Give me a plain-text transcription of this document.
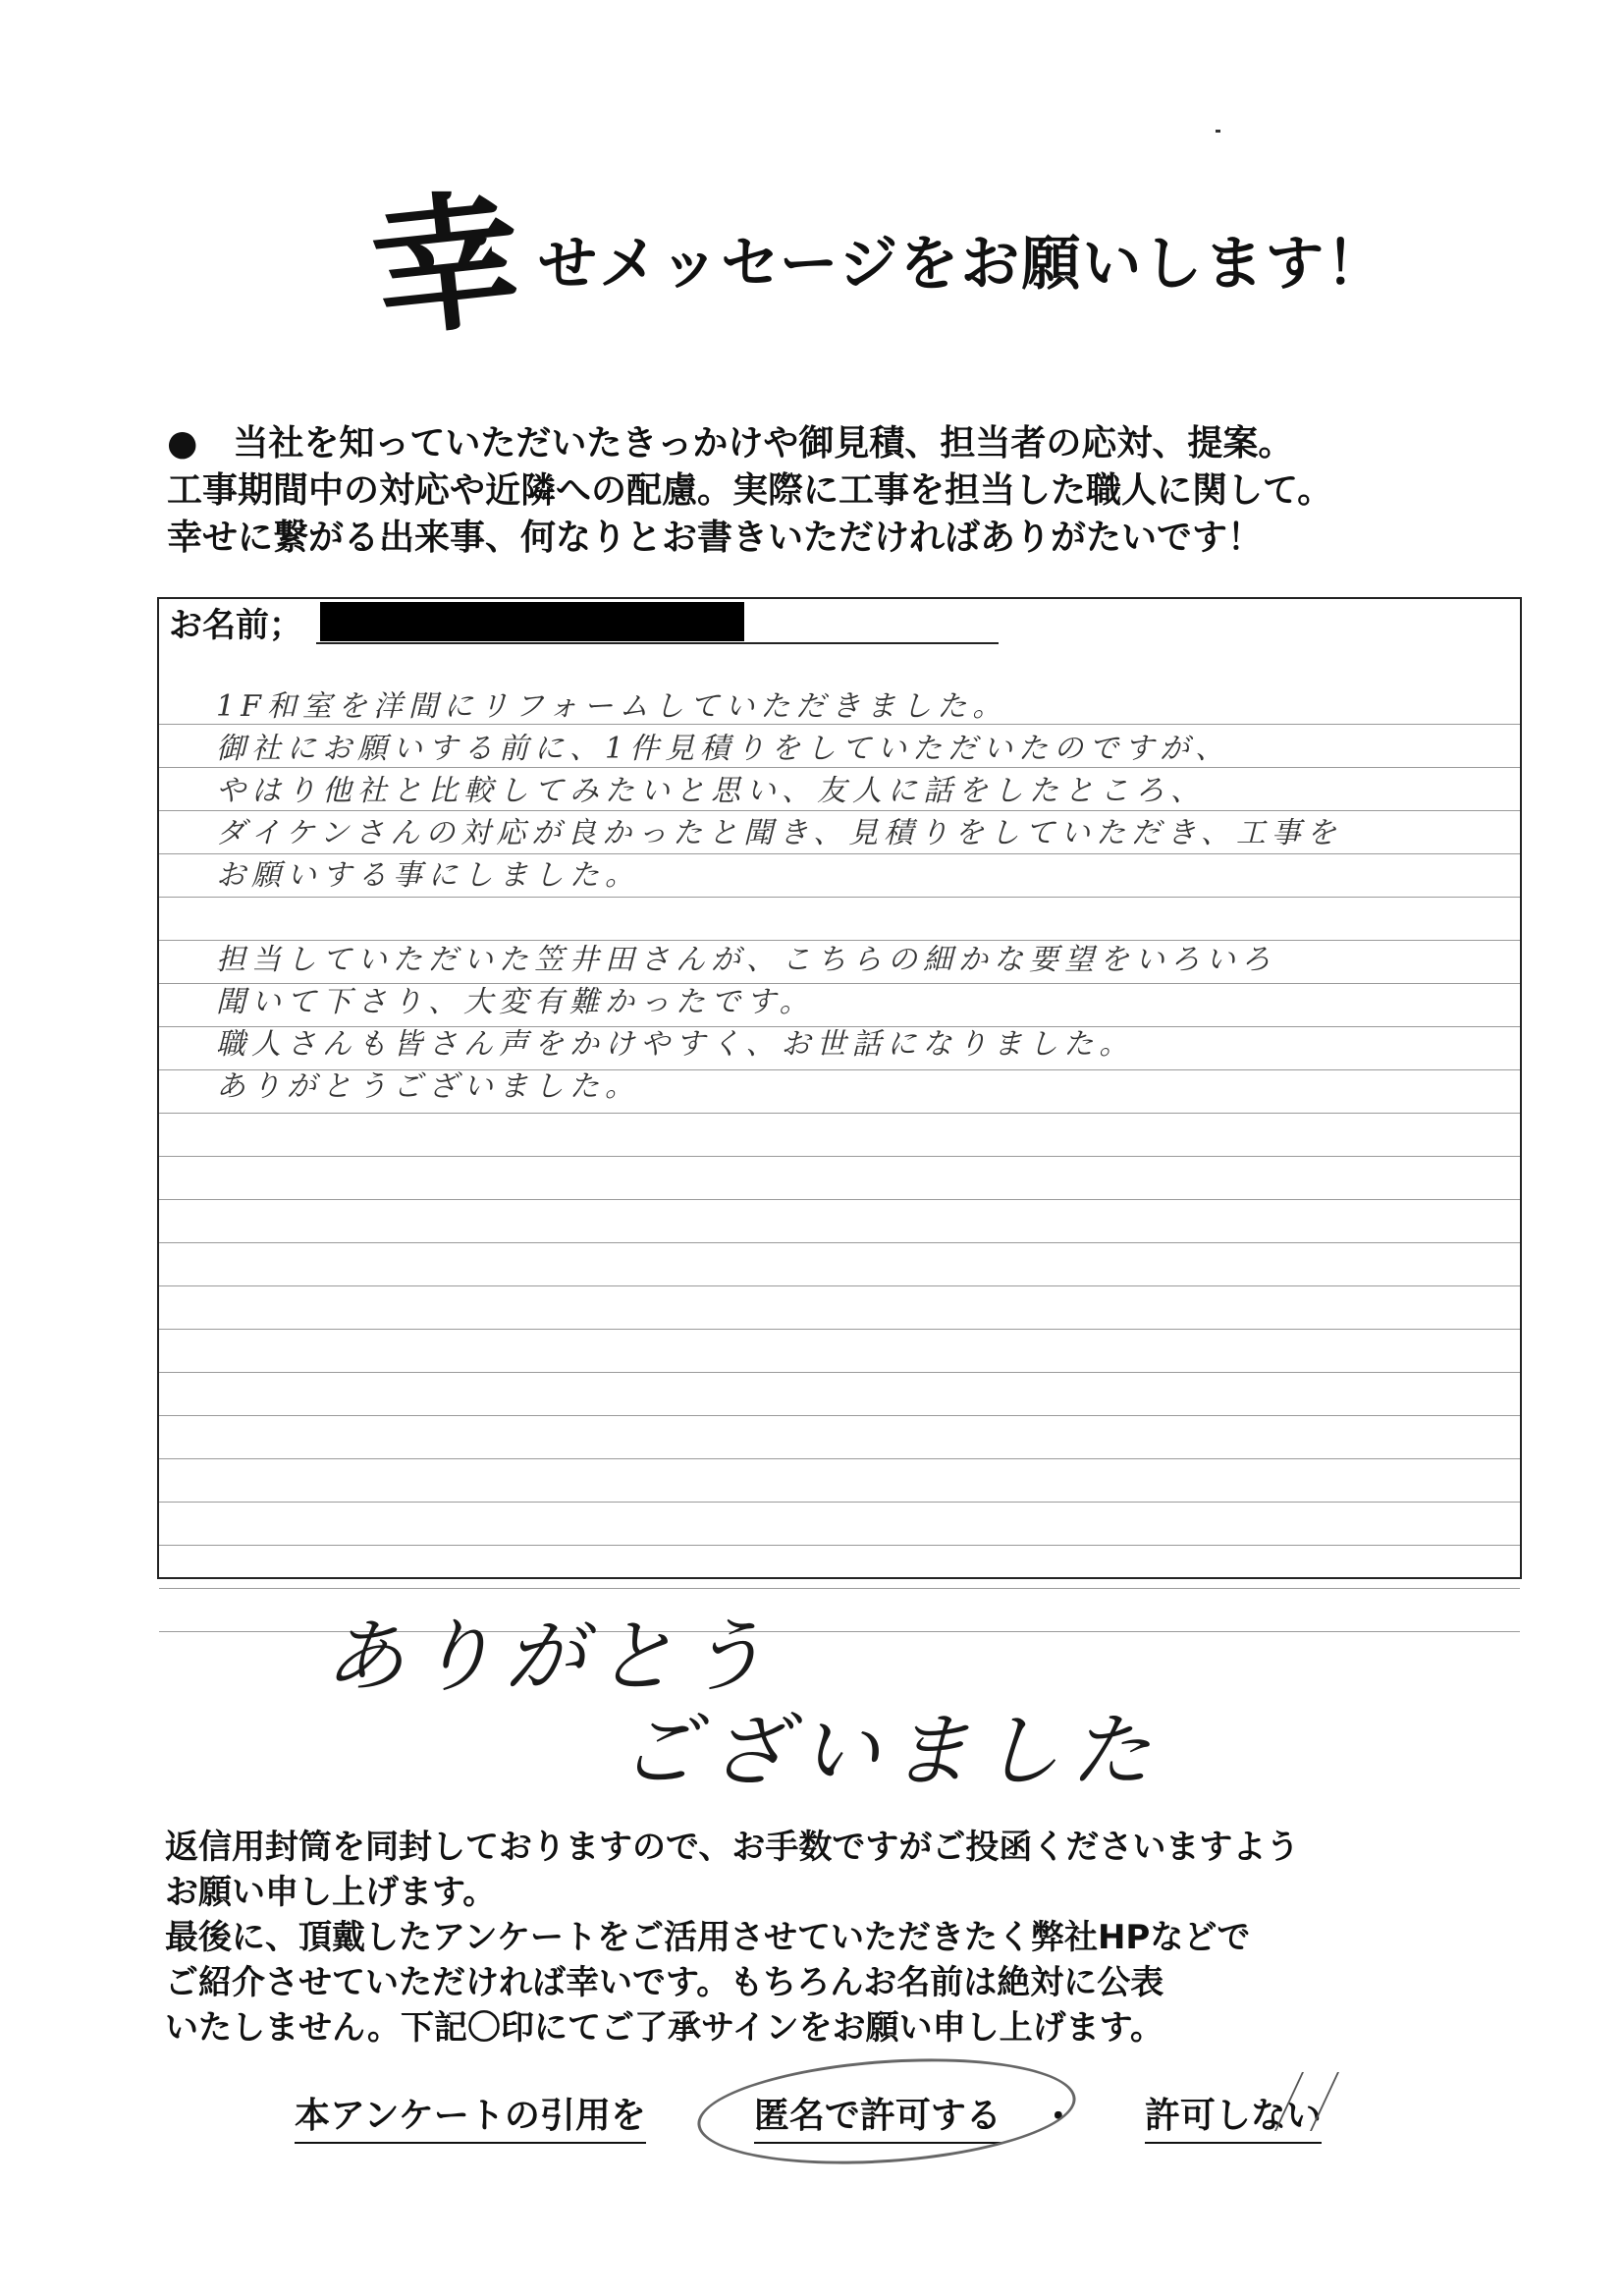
幸 せメッセージをお願いします！
● 当社を知っていただいたきっかけや御見積、担当者の応対、提案。
工事期間中の対応や近隣への配慮。実際に工事を担当した職人に関して。
幸せに繋がる出来事、何なりとお書きいただければありがたいです！
お名前；

1F和室を洋間にリフォームしていただきました。

御社にお願いする前に、1件見積りをしていただいたのですが、

やはり他社と比較してみたいと思い、友人に話をしたところ、

ダイケンさんの対応が良かったと聞き、見積りをしていただき、工事を

お願いする事にしました。

担当していただいた笠井田さんが、こちらの細かな要望をいろいろ

聞いて下さり、大変有難かったです。

職人さんも皆さん声をかけやすく、お世話になりました。

ありがとうございました。

ありがとう
ございました

返信用封筒を同封しておりますので、お手数ですがご投函くださいますよう

お願い申し上げます。

最後に、頂戴したアンケートをご活用させていただきたく弊社HPなどで

ご紹介させていただければ幸いです。もちろんお名前は絶対に公表

いたしません。下記〇印にてご了承サインをお願い申し上げます。

本アンケートの引用を	匿名で許可する ・ 許可しない
